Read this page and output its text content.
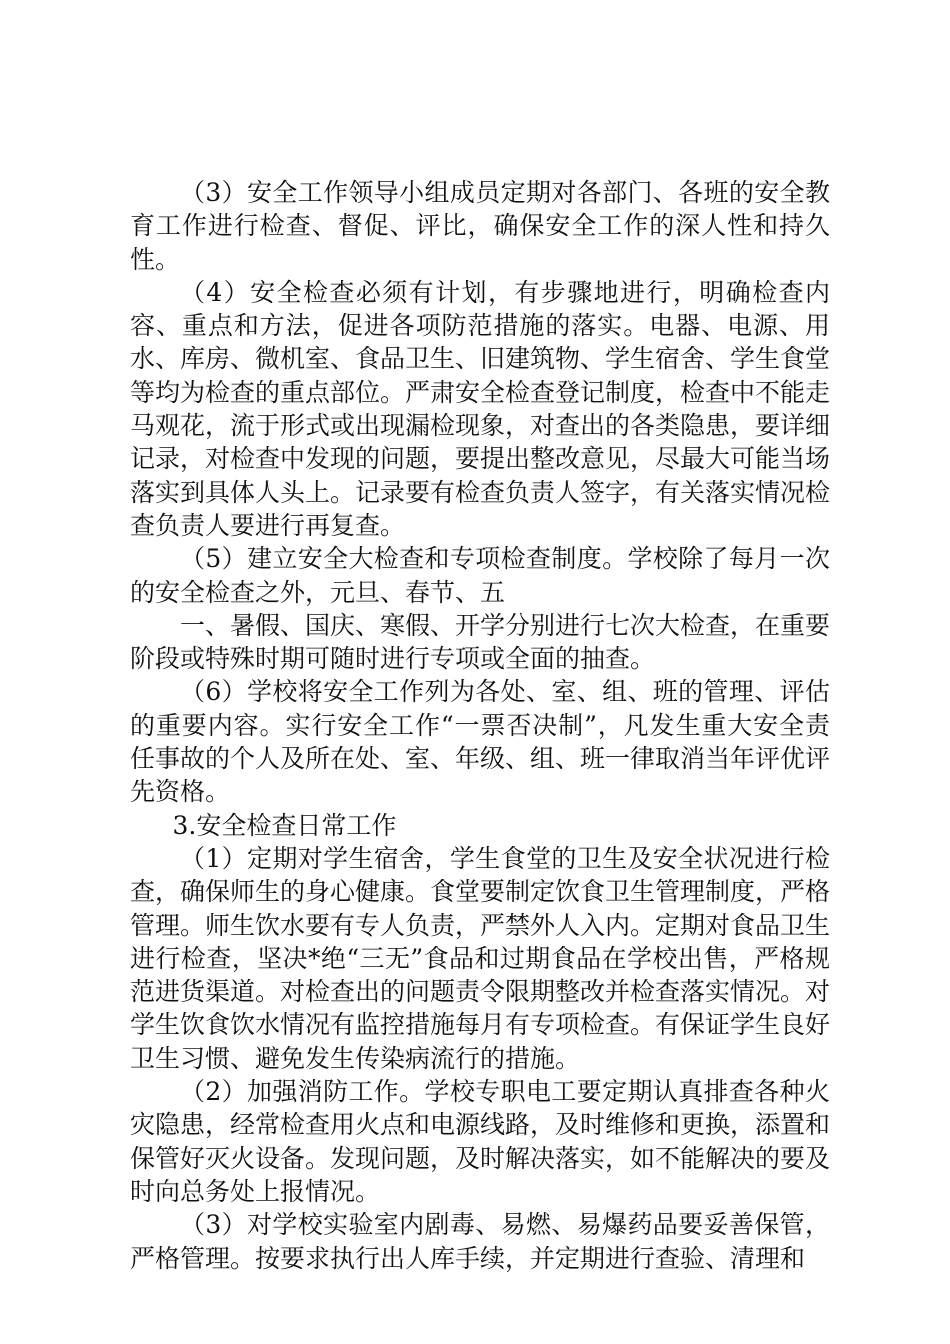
（3）安全工作领导小组成员定期对各部门、各班的安全教育工作进行检查、督促、评比，确保安全工作的深人性和持久性。

（4）安全检查必须有计划，有步骤地进行，明确检查内容、重点和方法，促进各项防范措施的落实。电器、电源、用水、库房、微机室、食品卫生、旧建筑物、学生宿舍、学生食堂等均为检查的重点部位。严肃安全检查登记制度，检查中不能走马观花，流于形式或出现漏检现象，对查出的各类隐患，要详细记录，对检查中发现的问题，要提出整改意见，尽最大可能当场落实到具体人头上。记录要有检查负责人签字，有关落实情况检查负责人要进行再复查。

（5）建立安全大检查和专项检查制度。学校除了每月一次的安全检查之外，元旦、春节、五

一、暑假、国庆、寒假、开学分别进行七次大检查，在重要阶段或特殊时期可随时进行专项或全面的抽查。

（6）学校将安全工作列为各处、室、组、班的管理、评估的重要内容。实行安全工作“一票否决制”，凡发生重大安全责任事故的个人及所在处、室、年级、组、班一律取消当年评优评先资格。

3.安全检查日常工作

（1）定期对学生宿舍，学生食堂的卫生及安全状况进行检查，确保师生的身心健康。食堂要制定饮食卫生管理制度，严格管理。师生饮水要有专人负责，严禁外人入内。定期对食品卫生进行检查，坚决*绝“三无”食品和过期食品在学校出售，严格规范进货渠道。对检查出的问题责令限期整改并检查落实情况。对学生饮食饮水情况有监控措施每月有专项检查。有保证学生良好卫生习惯、避免发生传染病流行的措施。

（2）加强消防工作。学校专职电工要定期认真排查各种火灾隐患，经常检查用火点和电源线路，及时维修和更换，添置和保管好灭火设备。发现问题，及时解决落实，如不能解决的要及时向总务处上报情况。

（3）对学校实验室内剧毒、易燃、易爆药品要妥善保管，严格管理。按要求执行出人库手续，并定期进行查验、清理和
